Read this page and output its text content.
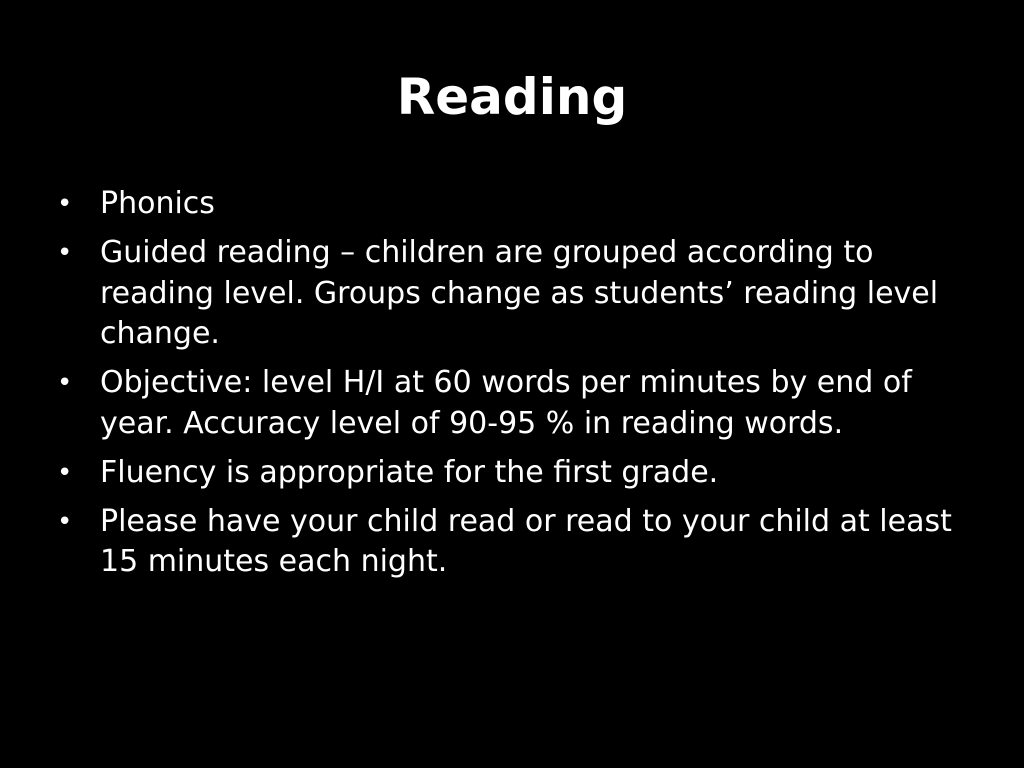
Reading
• Phonics
• Guided reading – children are grouped according to reading level. Groups change as students’ reading level change.
• Objective: level H/I at 60 words per minutes by end of year. Accuracy level of 90-95 % in reading words.
• Fluency is appropriate for the first grade.
• Please have your child read or read to your child at least 15 minutes each night.
